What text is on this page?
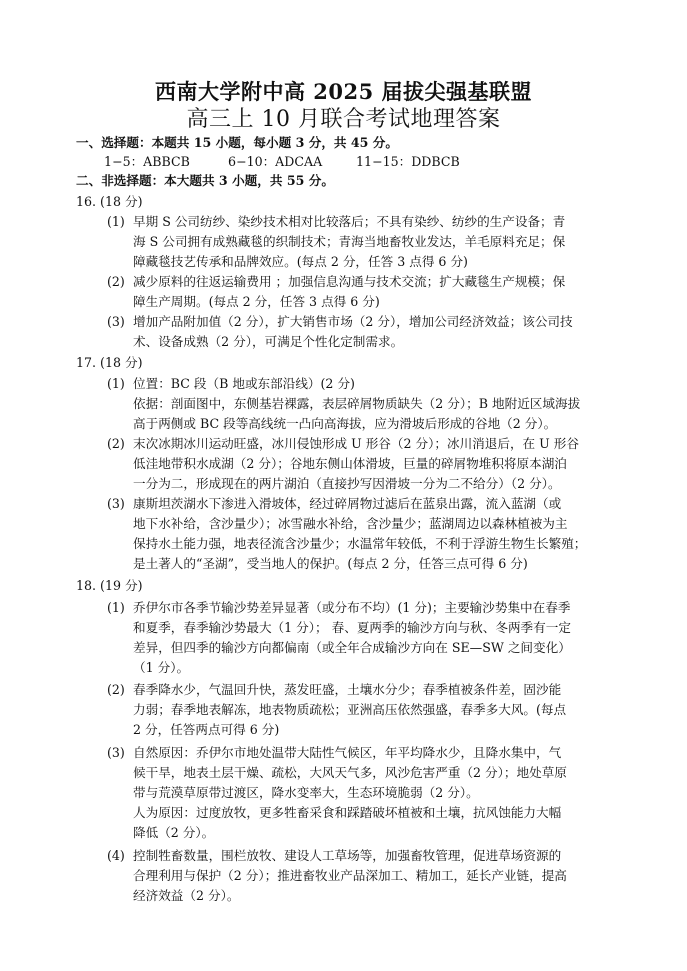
西南大学附中高 2025 届拔尖强基联盟
高三上 10 月联合考试地理答案
一、选择题：本题共 15 小题，每小题 3 分，共 45 分。
1−5：ABBCB	6−10：ADCAA	11−15：DDBCB
二、非选择题：本大题共 3 小题，共 55 分。
16. (18 分)
(1) 早期 S 公司纺纱、染纱技术相对比较落后；不具有染纱、纺纱的生产设备；青
海 S 公司拥有成熟藏毯的织制技术；青海当地畜牧业发达，羊毛原料充足；保
障藏毯技艺传承和品牌效应。(每点 2 分，任答 3 点得 6 分)
(2) 减少原料的往返运输费用 ；加强信息沟通与技术交流；扩大藏毯生产规模；保
障生产周期。(每点 2 分，任答 3 点得 6 分)
(3) 增加产品附加值（2 分），扩大销售市场（2 分），增加公司经济效益；该公司技
术、设备成熟（2 分），可满足个性化定制需求。
17. (18 分)
(1) 位置：BC 段（B 地或东部沿线）(2 分)
依据：剖面图中，东侧基岩裸露，表层碎屑物质缺失（2 分）；B 地附近区域海拔
高于两侧或 BC 段等高线统一凸向高海拔，应为滑坡后形成的谷地（2 分）。
(2) 末次冰期冰川运动旺盛，冰川侵蚀形成 U 形谷（2 分）；冰川消退后，在 U 形谷
低洼地带积水成湖（2 分）；谷地东侧山体滑坡，巨量的碎屑物堆积将原本湖泊
一分为二，形成现在的两片湖泊（直接抄写因滑坡一分为二不给分）（2 分）。
(3) 康斯坦茨湖水下渗进入滑坡体，经过碎屑物过滤后在蓝泉出露，流入蓝湖（或
地下水补给，含沙量少）；冰雪融水补给，含沙量少；蓝湖周边以森林植被为主
保持水土能力强，地表径流含沙量少；水温常年较低，不利于浮游生物生长繁殖；
是土著人的“圣湖”，受当地人的保护。(每点 2 分，任答三点可得 6 分)
18. (19 分)
(1) 乔伊尔市各季节输沙势差异显著（或分布不均）(1 分)；主要输沙势集中在春季
和夏季，春季输沙势最大（1 分）； 春、夏两季的输沙方向与秋、冬两季有一定
差异，但四季的输沙方向都偏南（或全年合成输沙方向在 SE—SW 之间变化）
（1 分）。
(2) 春季降水少，气温回升快，蒸发旺盛，土壤水分少；春季植被条件差，固沙能
力弱；春季地表解冻，地表物质疏松；亚洲高压依然强盛，春季多大风。(每点
2 分，任答两点可得 6 分)
(3) 自然原因：乔伊尔市地处温带大陆性气候区，年平均降水少，且降水集中，气
候干旱，地表土层干燥、疏松，大风天气多，风沙危害严重（2 分）；地处草原
带与荒漠草原带过渡区，降水变率大，生态环境脆弱（2 分）。
人为原因：过度放牧，更多牲畜采食和踩踏破坏植被和土壤，抗风蚀能力大幅
降低（2 分）。
(4) 控制牲畜数量，围栏放牧、建设人工草场等，加强畜牧管理，促进草场资源的
合理利用与保护（2 分）；推进畜牧业产品深加工、精加工，延长产业链，提高
经济效益（2 分）。
